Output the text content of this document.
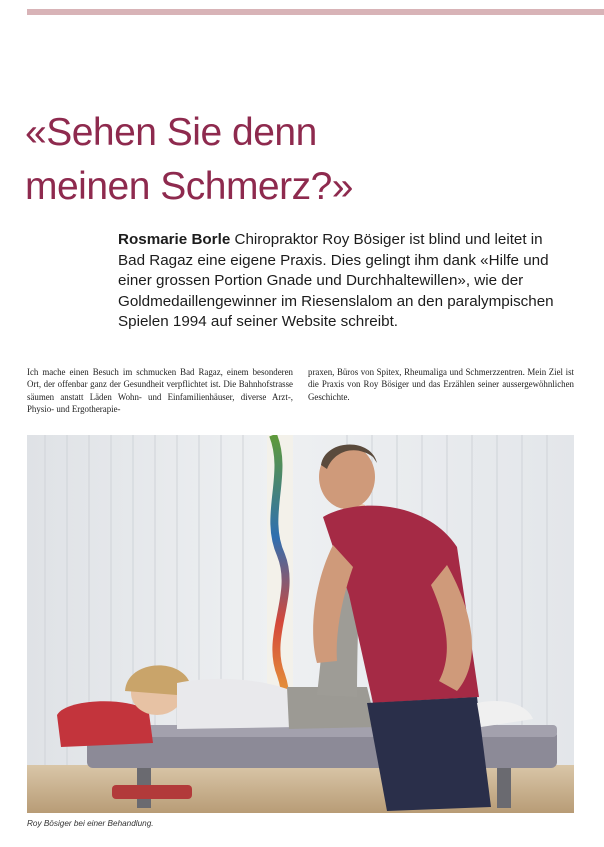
«Sehen Sie denn
meinen Schmerz?»

Rosmarie Borle Chiropraktor Roy Bösiger ist blind und leitet in Bad Ragaz eine eigene Praxis. Dies gelingt ihm dank «Hilfe und einer grossen Portion Gnade und Durchhaltewillen», wie der Goldmedaillengewinner im Riesenslalom an den paralympischen Spielen 1994 auf seiner Website schreibt.

Ich mache einen Besuch im schmucken Bad Ragaz, einem besonderen Ort, der offenbar ganz der Gesundheit verpflichtet ist. Die Bahnhofstrasse säumen anstatt Läden Wohn- und Einfamilienhäuser, diverse Arzt-, Physio- und Ergotherapie-

praxen, Büros von Spitex, Rheumaliga und Schmerzzentren. Mein Ziel ist die Praxis von Roy Bösiger und das Erzählen seiner aussergewöhnlichen Geschichte.

Roy Bösiger bei einer Behandlung.
